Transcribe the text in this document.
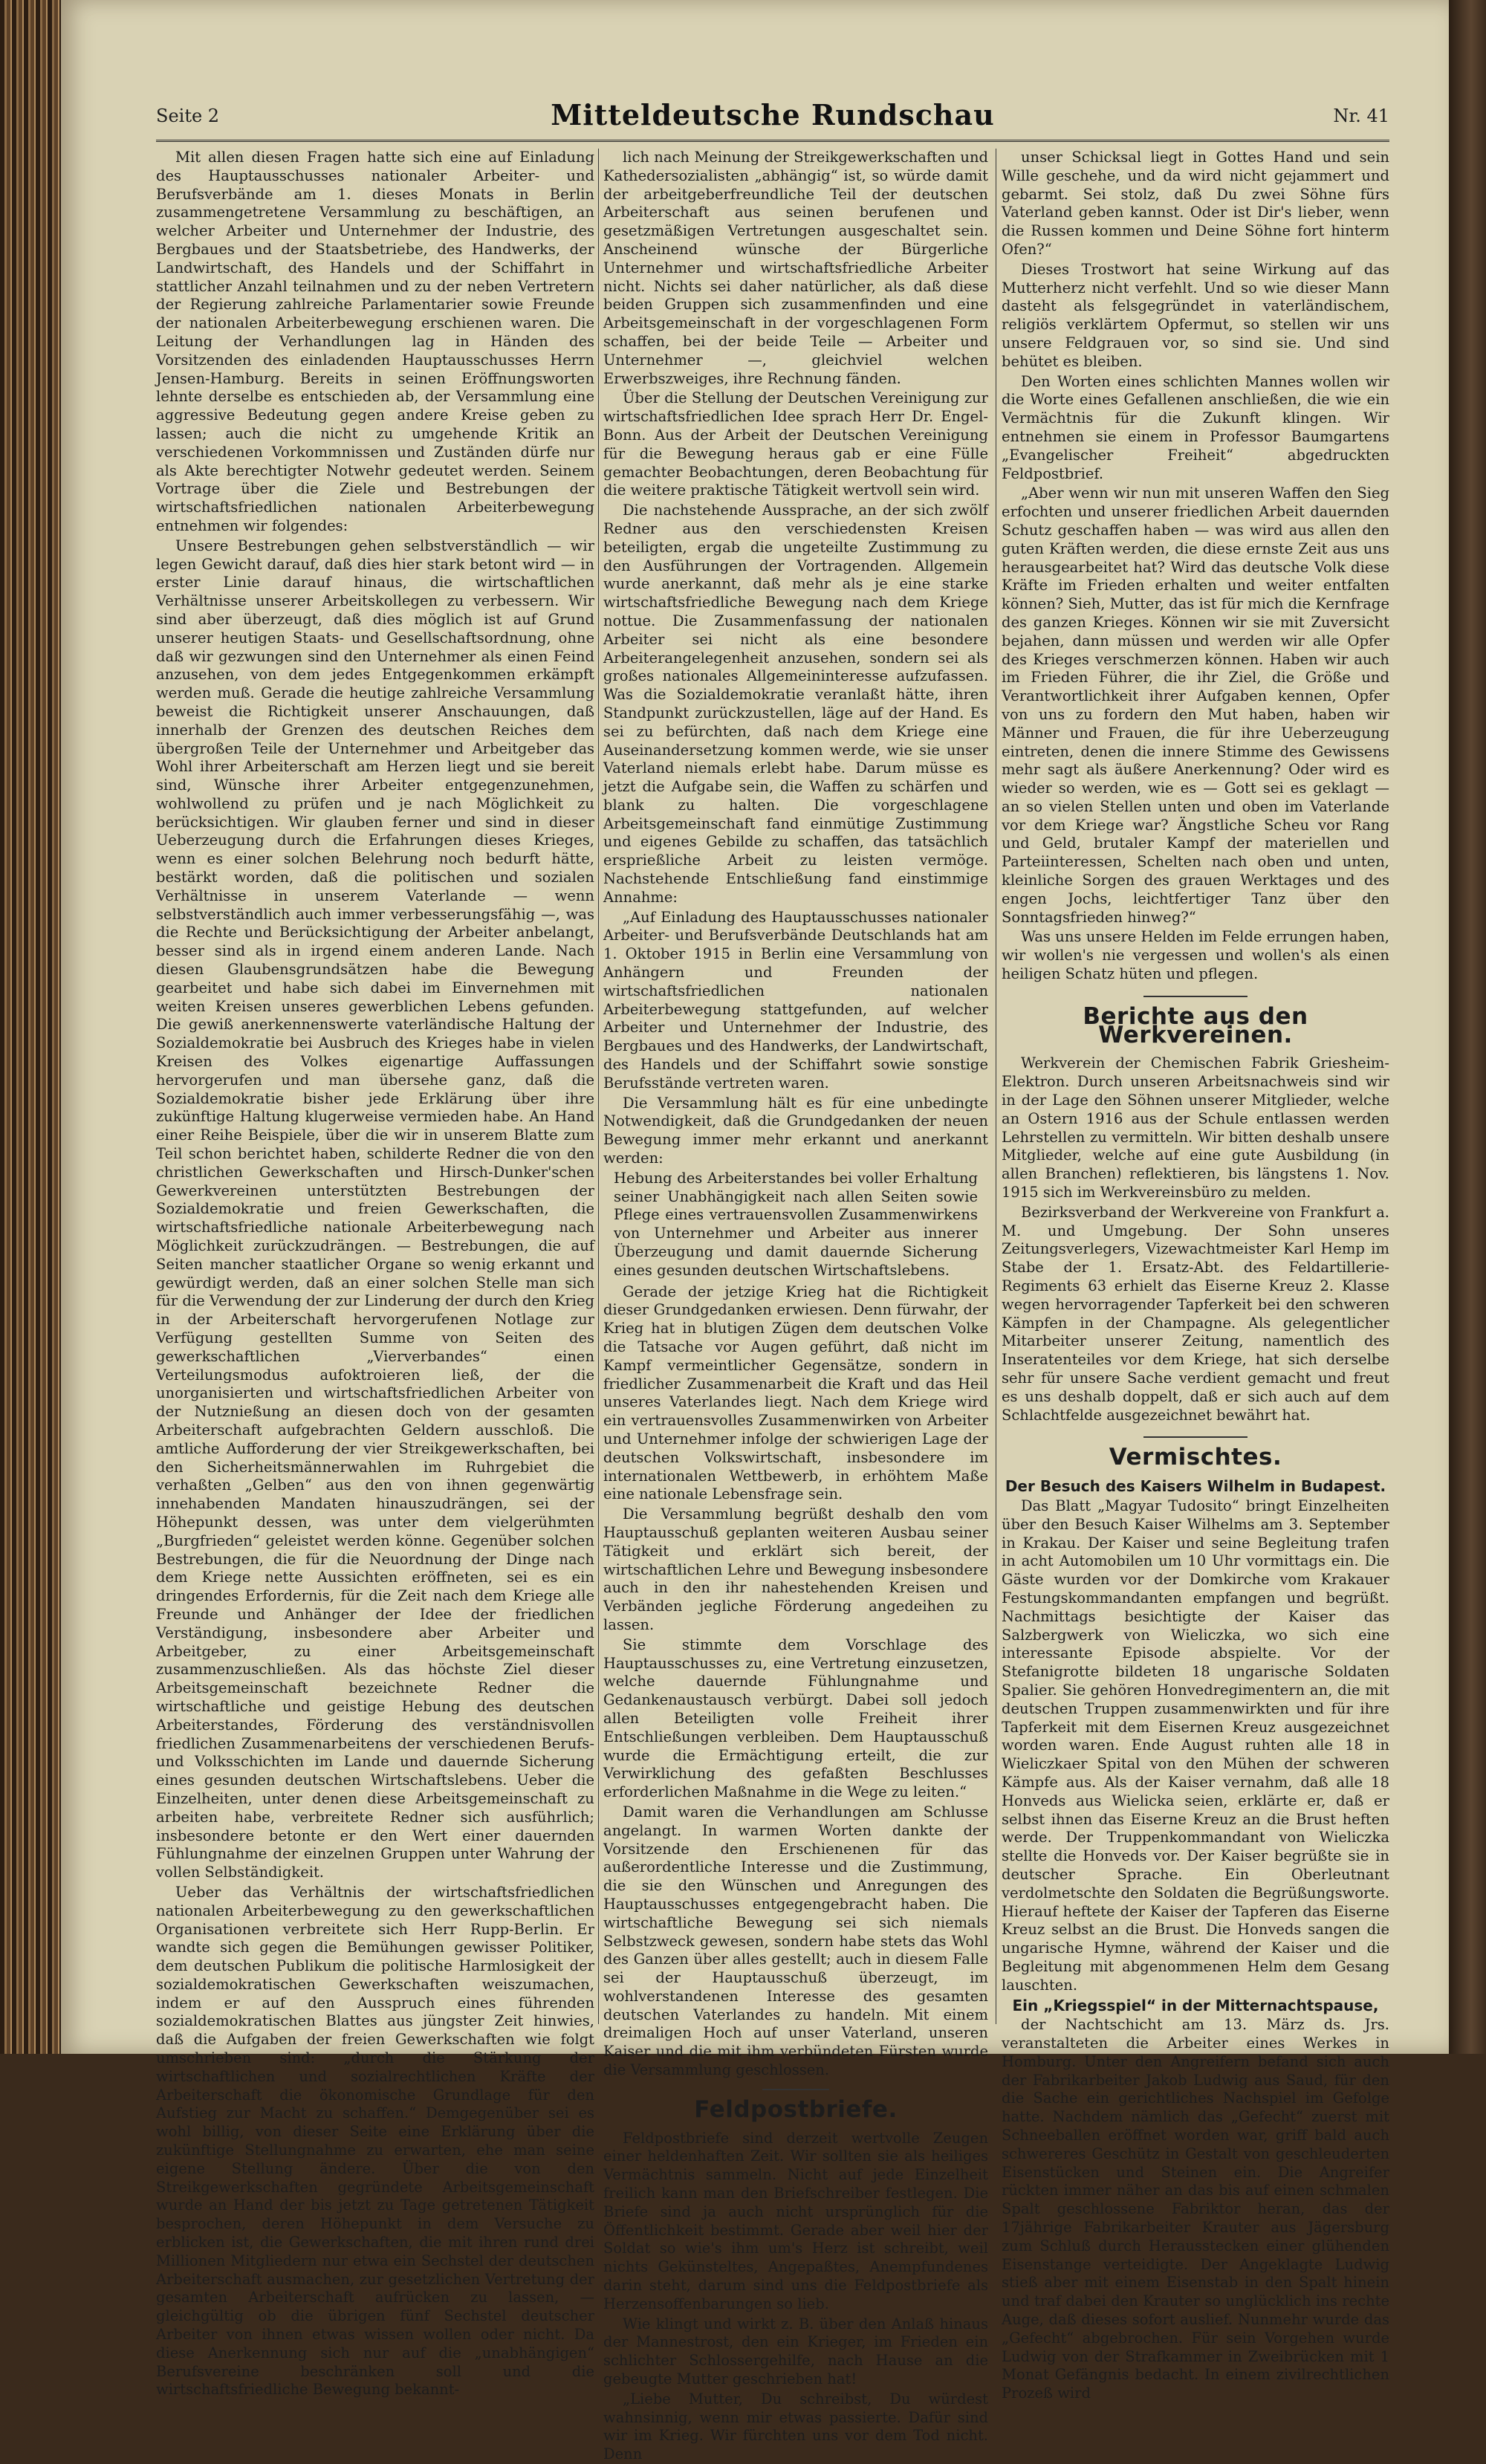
Seite 2	Mitteldeutsche Rundschau	Nr. 41

Mit allen diesen Fragen hatte sich eine auf Einladung des Hauptausschusses nationaler Arbeiter- und Berufsverbände am 1. dieses Monats in Berlin zusammengetretene Versammlung zu beschäftigen, an welcher Arbeiter und Unternehmer der Industrie, des Bergbaues und der Staatsbetriebe, des Handwerks, der Landwirtschaft, des Handels und der Schiffahrt in stattlicher Anzahl teilnahmen und zu der neben Vertretern der Regierung zahlreiche Parlamentarier sowie Freunde der nationalen Arbeiterbewegung erschienen waren. Die Leitung der Verhandlungen lag in Händen des Vorsitzenden des einladenden Hauptausschusses Herrn Jensen-Hamburg. Bereits in seinen Eröffnungsworten lehnte derselbe es entschieden ab, der Versammlung eine aggressive Bedeutung gegen andere Kreise geben zu lassen; auch die nicht zu umgehende Kritik an verschiedenen Vorkommnissen und Zuständen dürfe nur als Akte berechtigter Notwehr gedeutet werden. Seinem Vortrage über die Ziele und Bestrebungen der wirtschaftsfriedlichen nationalen Arbeiterbewegung entnehmen wir folgendes:

Unsere Bestrebungen gehen selbstverständlich — wir legen Gewicht darauf, daß dies hier stark betont wird — in erster Linie darauf hinaus, die wirtschaftlichen Verhältnisse unserer Arbeitskollegen zu verbessern. Wir sind aber überzeugt, daß dies möglich ist auf Grund unserer heutigen Staats- und Gesellschaftsordnung, ohne daß wir gezwungen sind den Unternehmer als einen Feind anzusehen, von dem jedes Entgegenkommen erkämpft werden muß. Gerade die heutige zahlreiche Versammlung beweist die Richtigkeit unserer Anschauungen, daß innerhalb der Grenzen des deutschen Reiches dem übergroßen Teile der Unternehmer und Arbeitgeber das Wohl ihrer Arbeiterschaft am Herzen liegt und sie bereit sind, Wünsche ihrer Arbeiter entgegenzunehmen, wohlwollend zu prüfen und je nach Möglichkeit zu berücksichtigen. Wir glauben ferner und sind in dieser Ueberzeugung durch die Erfahrungen dieses Krieges, wenn es einer solchen Belehrung noch bedurft hätte, bestärkt worden, daß die politischen und sozialen Verhältnisse in unserem Vaterlande — wenn selbstverständlich auch immer verbesserungsfähig —, was die Rechte und Berücksichtigung der Arbeiter anbelangt, besser sind als in irgend einem anderen Lande. Nach diesen Glaubensgrundsätzen habe die Bewegung gearbeitet und habe sich dabei im Einvernehmen mit weiten Kreisen unseres gewerblichen Lebens gefunden. Die gewiß anerkennenswerte vaterländische Haltung der Sozialdemokratie bei Ausbruch des Krieges habe in vielen Kreisen des Volkes eigenartige Auffassungen hervorgerufen und man übersehe ganz, daß die Sozialdemokratie bisher jede Erklärung über ihre zukünftige Haltung klugerweise vermieden habe. An Hand einer Reihe Beispiele, über die wir in unserem Blatte zum Teil schon berichtet haben, schilderte Redner die von den christlichen Gewerkschaften und Hirsch-Dunker'schen Gewerkvereinen unterstützten Bestrebungen der Sozialdemokratie und freien Gewerkschaften, die wirtschaftsfriedliche nationale Arbeiterbewegung nach Möglichkeit zurückzudrängen. — Bestrebungen, die auf Seiten mancher staatlicher Organe so wenig erkannt und gewürdigt werden, daß an einer solchen Stelle man sich für die Verwendung der zur Linderung der durch den Krieg in der Arbeiterschaft hervorgerufenen Notlage zur Verfügung gestellten Summe von Seiten des gewerkschaftlichen „Vierverbandes“ einen Verteilungsmodus aufoktroieren ließ, der die unorganisierten und wirtschaftsfriedlichen Arbeiter von der Nutznießung an diesen doch von der gesamten Arbeiterschaft aufgebrachten Geldern ausschloß. Die amtliche Aufforderung der vier Streikgewerkschaften, bei den Sicherheitsmännerwahlen im Ruhrgebiet die verhaßten „Gelben“ aus den von ihnen gegenwärtig innehabenden Mandaten hinauszudrängen, sei der Höhepunkt dessen, was unter dem vielgerühmten „Burgfrieden“ geleistet werden könne. Gegenüber solchen Bestrebungen, die für die Neuordnung der Dinge nach dem Kriege nette Aussichten eröffneten, sei es ein dringendes Erfordernis, für die Zeit nach dem Kriege alle Freunde und Anhänger der Idee der friedlichen Verständigung, insbesondere aber Arbeiter und Arbeitgeber, zu einer Arbeitsgemeinschaft zusammenzuschließen. Als das höchste Ziel dieser Arbeitsgemeinschaft bezeichnete Redner die wirtschaftliche und geistige Hebung des deutschen Arbeiterstandes, Förderung des verständnisvollen friedlichen Zusammenarbeitens der verschiedenen Berufs- und Volksschichten im Lande und dauernde Sicherung eines gesunden deutschen Wirtschaftslebens. Ueber die Einzelheiten, unter denen diese Arbeitsgemeinschaft zu arbeiten habe, verbreitete Redner sich ausführlich; insbesondere betonte er den Wert einer dauernden Fühlungnahme der einzelnen Gruppen unter Wahrung der vollen Selbständigkeit.

Ueber das Verhältnis der wirtschaftsfriedlichen nationalen Arbeiterbewegung zu den gewerkschaftlichen Organisationen verbreitete sich Herr Rupp-Berlin. Er wandte sich gegen die Bemühungen gewisser Politiker, dem deutschen Publikum die politische Harmlosigkeit der sozialdemokratischen Gewerkschaften weiszumachen, indem er auf den Ausspruch eines führenden sozialdemokratischen Blattes aus jüngster Zeit hinwies, daß die Aufgaben der freien Gewerkschaften wie folgt umschrieben sind: „durch die Stärkung der wirtschaftlichen und sozialrechtlichen Kräfte der Arbeiterschaft die ökonomische Grundlage für den Aufstieg zur Macht zu schaffen.“ Demgegenüber sei es wohl billig, von dieser Seite eine Erklärung über die zukünftige Stellungnahme zu erwarten, ehe man seine eigene Stellung ändere. Über die von den Streikgewerkschaften gegründete Arbeitsgemeinschaft wurde an Hand der bis jetzt zu Tage getretenen Tätigkeit besprochen, deren Höhepunkt in dem Versuche zu erblicken ist, die Gewerkschaften, die mit ihren rund drei Millionen Mitgliedern nur etwa ein Sechstel der deutschen Arbeiterschaft ausmachen, zur gesetzlichen Vertretung der gesamten Arbeiterschaft aufrücken zu lassen, — gleichgültig ob die übrigen fünf Sechstel deutscher Arbeiter von ihnen etwas wissen wollen oder nicht. Da diese Anerkennung sich nur auf die „unabhängigen“ Berufsvereine beschränken soll und die wirtschaftsfriedliche Bewegung bekannt-

lich nach Meinung der Streikgewerkschaften und Kathedersozialisten „abhängig“ ist, so würde damit der arbeitgeberfreundliche Teil der deutschen Arbeiterschaft aus seinen berufenen und gesetzmäßigen Vertretungen ausgeschaltet sein. Anscheinend wünsche der Bürgerliche Unternehmer und wirtschaftsfriedliche Arbeiter nicht. Nichts sei daher natürlicher, als daß diese beiden Gruppen sich zusammenfinden und eine Arbeitsgemeinschaft in der vorgeschlagenen Form schaffen, bei der beide Teile — Arbeiter und Unternehmer —, gleichviel welchen Erwerbszweiges, ihre Rechnung fänden.

Über die Stellung der Deutschen Vereinigung zur wirtschaftsfriedlichen Idee sprach Herr Dr. Engel-Bonn. Aus der Arbeit der Deutschen Vereinigung für die Bewegung heraus gab er eine Fülle gemachter Beobachtungen, deren Beobachtung für die weitere praktische Tätigkeit wertvoll sein wird.

Die nachstehende Aussprache, an der sich zwölf Redner aus den verschiedensten Kreisen beteiligten, ergab die ungeteilte Zustimmung zu den Ausführungen der Vortragenden. Allgemein wurde anerkannt, daß mehr als je eine starke wirtschaftsfriedliche Bewegung nach dem Kriege nottue. Die Zusammenfassung der nationalen Arbeiter sei nicht als eine besondere Arbeiterangelegenheit anzusehen, sondern sei als großes nationales Allgemeininteresse aufzufassen. Was die Sozialdemokratie veranlaßt hätte, ihren Standpunkt zurückzustellen, läge auf der Hand. Es sei zu befürchten, daß nach dem Kriege eine Auseinandersetzung kommen werde, wie sie unser Vaterland niemals erlebt habe. Darum müsse es jetzt die Aufgabe sein, die Waffen zu schärfen und blank zu halten. Die vorgeschlagene Arbeitsgemeinschaft fand einmütige Zustimmung und eigenes Gebilde zu schaffen, das tatsächlich ersprießliche Arbeit zu leisten vermöge. Nachstehende Entschließung fand einstimmige Annahme:

„Auf Einladung des Hauptausschusses nationaler Arbeiter- und Berufsverbände Deutschlands hat am 1. Oktober 1915 in Berlin eine Versammlung von Anhängern und Freunden der wirtschaftsfriedlichen nationalen Arbeiterbewegung stattgefunden, auf welcher Arbeiter und Unternehmer der Industrie, des Bergbaues und des Handwerks, der Landwirtschaft, des Handels und der Schiffahrt sowie sonstige Berufsstände vertreten waren.

Die Versammlung hält es für eine unbedingte Notwendigkeit, daß die Grundgedanken der neuen Bewegung immer mehr erkannt und anerkannt werden:

Hebung des Arbeiterstandes bei voller Erhaltung seiner Unabhängigkeit nach allen Seiten sowie Pflege eines vertrauensvollen Zusammenwirkens von Unternehmer und Arbeiter aus innerer Überzeugung und damit dauernde Sicherung eines gesunden deutschen Wirtschaftslebens.

Gerade der jetzige Krieg hat die Richtigkeit dieser Grundgedanken erwiesen. Denn fürwahr, der Krieg hat in blutigen Zügen dem deutschen Volke die Tatsache vor Augen geführt, daß nicht im Kampf vermeintlicher Gegensätze, sondern in friedlicher Zusammenarbeit die Kraft und das Heil unseres Vaterlandes liegt. Nach dem Kriege wird ein vertrauensvolles Zusammenwirken von Arbeiter und Unternehmer infolge der schwierigen Lage der deutschen Volkswirtschaft, insbesondere im internationalen Wettbewerb, in erhöhtem Maße eine nationale Lebensfrage sein.

Die Versammlung begrüßt deshalb den vom Hauptausschuß geplanten weiteren Ausbau seiner Tätigkeit und erklärt sich bereit, der wirtschaftlichen Lehre und Bewegung insbesondere auch in den ihr nahestehenden Kreisen und Verbänden jegliche Förderung angedeihen zu lassen.

Sie stimmte dem Vorschlage des Hauptausschusses zu, eine Vertretung einzusetzen, welche dauernde Fühlungnahme und Gedankenaustausch verbürgt. Dabei soll jedoch allen Beteiligten volle Freiheit ihrer Entschließungen verbleiben. Dem Hauptausschuß wurde die Ermächtigung erteilt, die zur Verwirklichung des gefaßten Beschlusses erforderlichen Maßnahme in die Wege zu leiten.“

Damit waren die Verhandlungen am Schlusse angelangt. In warmen Worten dankte der Vorsitzende den Erschienenen für das außerordentliche Interesse und die Zustimmung, die sie den Wünschen und Anregungen des Hauptausschusses entgegengebracht haben. Die wirtschaftliche Bewegung sei sich niemals Selbstzweck gewesen, sondern habe stets das Wohl des Ganzen über alles gestellt; auch in diesem Falle sei der Hauptausschuß überzeugt, im wohlverstandenen Interesse des gesamten deutschen Vaterlandes zu handeln. Mit einem dreimaligen Hoch auf unser Vaterland, unseren Kaiser und die mit ihm verbündeten Fürsten wurde die Versammlung geschlossen.

Feldpostbriefe.

Feldpostbriefe sind derzeit wertvolle Zeugen einer heldenhaften Zeit. Wir sollten sie als heiliges Vermächtnis sammeln. Nicht auf jede Einzelheit freilich kann man den Briefschreiber festlegen. Die Briefe sind ja auch nicht ursprünglich für die Öffentlichkeit bestimmt. Gerade aber weil hier der Soldat so wie's ihm um's Herz ist schreibt, weil nichts Gekünsteltes, Angepaßtes, Anempfundenes darin steht, darum sind uns die Feldpostbriefe als Herzensoffenbarungen so lieb.

Wie klingt und wirkt z. B. über den Anlaß hinaus der Mannestrost, den ein Krieger, im Frieden ein schlichter Schlossergehilfe, nach Hause an die gebeugte Mutter geschrieben hat!

„Liebe Mutter, Du schreibst, Du würdest wahnsinnig, wenn mir etwas passierte. Dafür sind wir im Krieg. Wir fürchten uns vor dem Tod nicht. Denn

unser Schicksal liegt in Gottes Hand und sein Wille geschehe, und da wird nicht gejammert und gebarmt. Sei stolz, daß Du zwei Söhne fürs Vaterland geben kannst. Oder ist Dir's lieber, wenn die Russen kommen und Deine Söhne fort hinterm Ofen?“

Dieses Trostwort hat seine Wirkung auf das Mutterherz nicht verfehlt. Und so wie dieser Mann dasteht als felsgegründet in vaterländischem, religiös verklärtem Opfermut, so stellen wir uns unsere Feldgrauen vor, so sind sie. Und sind behütet es bleiben.

Den Worten eines schlichten Mannes wollen wir die Worte eines Gefallenen anschließen, die wie ein Vermächtnis für die Zukunft klingen. Wir entnehmen sie einem in Professor Baumgartens „Evangelischer Freiheit“ abgedruckten Feldpostbrief.

„Aber wenn wir nun mit unseren Waffen den Sieg erfochten und unserer friedlichen Arbeit dauernden Schutz geschaffen haben — was wird aus allen den guten Kräften werden, die diese ernste Zeit aus uns herausgearbeitet hat? Wird das deutsche Volk diese Kräfte im Frieden erhalten und weiter entfalten können? Sieh, Mutter, das ist für mich die Kernfrage des ganzen Krieges. Können wir sie mit Zuversicht bejahen, dann müssen und werden wir alle Opfer des Krieges verschmerzen können. Haben wir auch im Frieden Führer, die ihr Ziel, die Größe und Verantwortlichkeit ihrer Aufgaben kennen, Opfer von uns zu fordern den Mut haben, haben wir Männer und Frauen, die für ihre Ueberzeugung eintreten, denen die innere Stimme des Gewissens mehr sagt als äußere Anerkennung? Oder wird es wieder so werden, wie es — Gott sei es geklagt — an so vielen Stellen unten und oben im Vaterlande vor dem Kriege war? Ängstliche Scheu vor Rang und Geld, brutaler Kampf der materiellen und Parteiinteressen, Schelten nach oben und unten, kleinliche Sorgen des grauen Werktages und des engen Jochs, leichtfertiger Tanz über den Sonntagsfrieden hinweg?“

Was uns unsere Helden im Felde errungen haben, wir wollen's nie vergessen und wollen's als einen heiligen Schatz hüten und pflegen.

Berichte aus den Werkvereinen.

Werkverein der Chemischen Fabrik Griesheim-Elektron. Durch unseren Arbeitsnachweis sind wir in der Lage den Söhnen unserer Mitglieder, welche an Ostern 1916 aus der Schule entlassen werden Lehrstellen zu vermitteln. Wir bitten deshalb unsere Mitglieder, welche auf eine gute Ausbildung (in allen Branchen) reflektieren, bis längstens 1. Nov. 1915 sich im Werkvereinsbüro zu melden.

Bezirksverband der Werkvereine von Frankfurt a. M. und Umgebung. Der Sohn unseres Zeitungsverlegers, Vizewachtmeister Karl Hemp im Stabe der 1. Ersatz-Abt. des Feldartillerie-Regiments 63 erhielt das Eiserne Kreuz 2. Klasse wegen hervorragender Tapferkeit bei den schweren Kämpfen in der Champagne. Als gelegentlicher Mitarbeiter unserer Zeitung, namentlich des Inseratenteiles vor dem Kriege, hat sich derselbe sehr für unsere Sache verdient gemacht und freut es uns deshalb doppelt, daß er sich auch auf dem Schlachtfelde ausgezeichnet bewährt hat.

Vermischtes.

Der Besuch des Kaisers Wilhelm in Budapest.

Das Blatt „Magyar Tudosito“ bringt Einzelheiten über den Besuch Kaiser Wilhelms am 3. September in Krakau. Der Kaiser und seine Begleitung trafen in acht Automobilen um 10 Uhr vormittags ein. Die Gäste wurden vor der Domkirche vom Krakauer Festungskommandanten empfangen und begrüßt. Nachmittags besichtigte der Kaiser das Salzbergwerk von Wieliczka, wo sich eine interessante Episode abspielte. Vor der Stefanigrotte bildeten 18 ungarische Soldaten Spalier. Sie gehören Honvedregimentern an, die mit deutschen Truppen zusammenwirkten und für ihre Tapferkeit mit dem Eisernen Kreuz ausgezeichnet worden waren. Ende August ruhten alle 18 in Wieliczkaer Spital von den Mühen der schweren Kämpfe aus. Als der Kaiser vernahm, daß alle 18 Honveds aus Wielicka seien, erklärte er, daß er selbst ihnen das Eiserne Kreuz an die Brust heften werde. Der Truppenkommandant von Wieliczka stellte die Honveds vor. Der Kaiser begrüßte sie in deutscher Sprache. Ein Oberleutnant verdolmetschte den Soldaten die Begrüßungsworte. Hierauf heftete der Kaiser der Tapferen das Eiserne Kreuz selbst an die Brust. Die Honveds sangen die ungarische Hymne, während der Kaiser und die Begleitung mit abgenommenen Helm dem Gesang lauschten.

Ein „Kriegsspiel“ in der Mitternachtspause,

der Nachtschicht am 13. März ds. Jrs. veranstalteten die Arbeiter eines Werkes in Homburg. Unter den Angreifern befand sich auch der Fabrikarbeiter Jakob Ludwig aus Saud, für den die Sache ein gerichtliches Nachspiel im Gefolge hatte. Nachdem nämlich das „Gefecht“ zuerst mit Schneeballen eröffnet worden war, griff bald auch schwereres Geschütz in Gestalt von geschleuderten Eisenstücken und Steinen ein. Die Angreifer rückten immer näher an das bis auf einen schmalen Spalt geschlossene Fabriktor heran, das der 17jährige Fabrikarbeiter Krauter aus Jägersburg zum Schluß durch Herausstecken einer glühenden Eisenstange verteidigte. Der Angeklagte Ludwig stieß aber mit einem Eisenstab in den Spalt hinein und traf dabei den Krauter so unglücklich ins rechte Auge, daß dieses sofort auslief. Nunmehr wurde das „Gefecht“ abgebrochen. Für sein Vorgehen wurde Ludwig von der Strafkammer in Zweibrücken mit 1 Monat Gefängnis bedacht. In einem zivilrechtlichen Prozeß wird
